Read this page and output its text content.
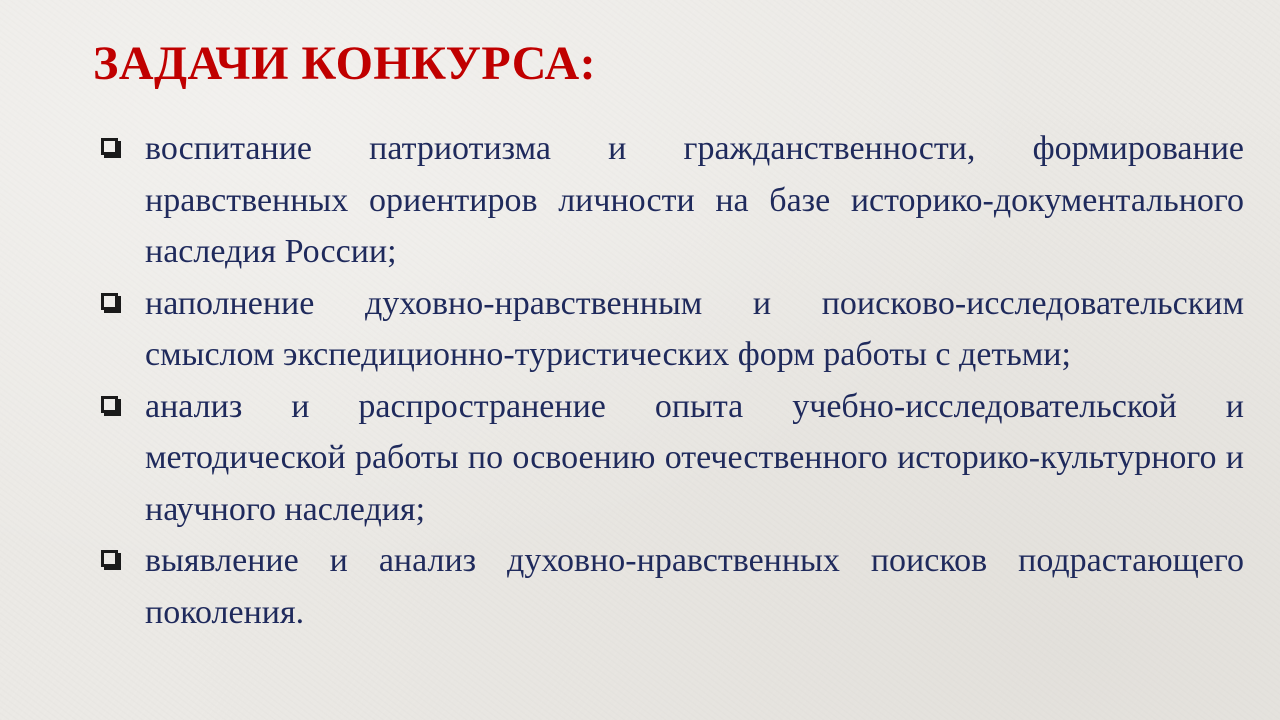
ЗАДАЧИ КОНКУРСА:
воспитание патриотизма и гражданственности, формирование нравственных ориентиров личности на базе историко-документального наследия России;
наполнение духовно-нравственным и поисково-исследовательским смыслом экспедиционно-туристических форм работы с детьми;
анализ и распространение опыта учебно-исследовательской и методической работы по освоению отечественного историко-культурного и научного наследия;
выявление и анализ духовно-нравственных поисков подрастающего поколения.
